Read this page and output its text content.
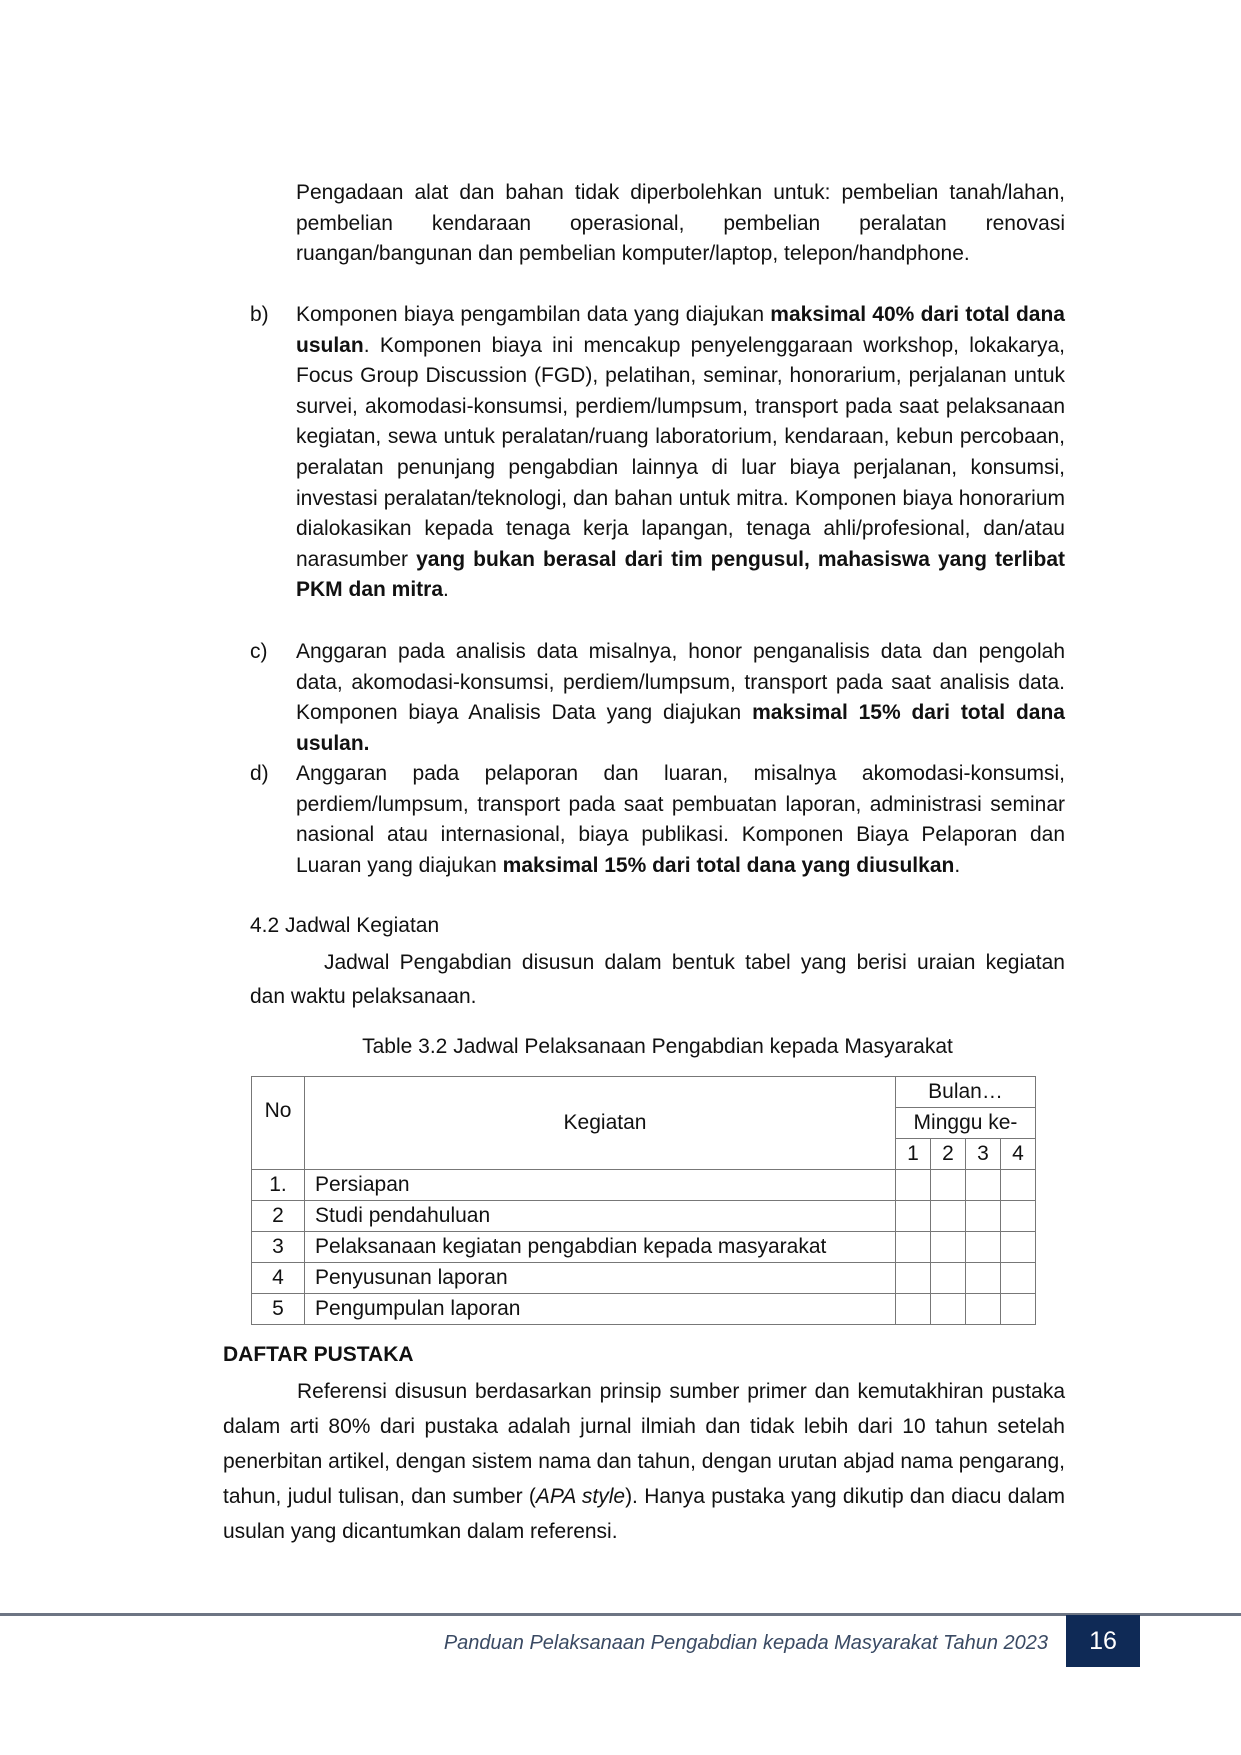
Pengadaan alat dan bahan tidak diperbolehkan untuk: pembelian tanah/lahan, pembelian kendaraan operasional, pembelian peralatan renovasi ruangan/bangunan dan pembelian komputer/laptop, telepon/handphone.
b) Komponen biaya pengambilan data yang diajukan maksimal 40% dari total dana usulan. Komponen biaya ini mencakup penyelenggaraan workshop, lokakarya, Focus Group Discussion (FGD), pelatihan, seminar, honorarium, perjalanan untuk survei, akomodasi-konsumsi, perdiem/lumpsum, transport pada saat pelaksanaan kegiatan, sewa untuk peralatan/ruang laboratorium, kendaraan, kebun percobaan, peralatan penunjang pengabdian lainnya di luar biaya perjalanan, konsumsi, investasi peralatan/teknologi, dan bahan untuk mitra. Komponen biaya honorarium dialokasikan kepada tenaga kerja lapangan, tenaga ahli/profesional, dan/atau narasumber yang bukan berasal dari tim pengusul, mahasiswa yang terlibat PKM dan mitra.
c) Anggaran pada analisis data misalnya, honor penganalisis data dan pengolah data, akomodasi-konsumsi, perdiem/lumpsum, transport pada saat analisis data. Komponen biaya Analisis Data yang diajukan maksimal 15% dari total dana usulan.
d) Anggaran pada pelaporan dan luaran, misalnya akomodasi-konsumsi, perdiem/lumpsum, transport pada saat pembuatan laporan, administrasi seminar nasional atau internasional, biaya publikasi. Komponen Biaya Pelaporan dan Luaran yang diajukan maksimal 15% dari total dana yang diusulkan.
4.2 Jadwal Kegiatan
Jadwal Pengabdian disusun dalam bentuk tabel yang berisi uraian kegiatan dan waktu pelaksanaan.
Table 3.2 Jadwal Pelaksanaan Pengabdian kepada Masyarakat
No	Kegiatan	Bulan…			
		Minggu ke-			
		1	2	3	4
1.	Persiapan				
2	Studi pendahuluan				
3	Pelaksanaan kegiatan pengabdian kepada masyarakat				
4	Penyusunan laporan				
5	Pengumpulan laporan				
DAFTAR PUSTAKA
Referensi disusun berdasarkan prinsip sumber primer dan kemutakhiran pustaka dalam arti 80% dari pustaka adalah jurnal ilmiah dan tidak lebih dari 10 tahun setelah penerbitan artikel, dengan sistem nama dan tahun, dengan urutan abjad nama pengarang, tahun, judul tulisan, dan sumber (APA style). Hanya pustaka yang dikutip dan diacu dalam usulan yang dicantumkan dalam referensi.
Panduan Pelaksanaan Pengabdian kepada Masyarakat Tahun 2023	16
